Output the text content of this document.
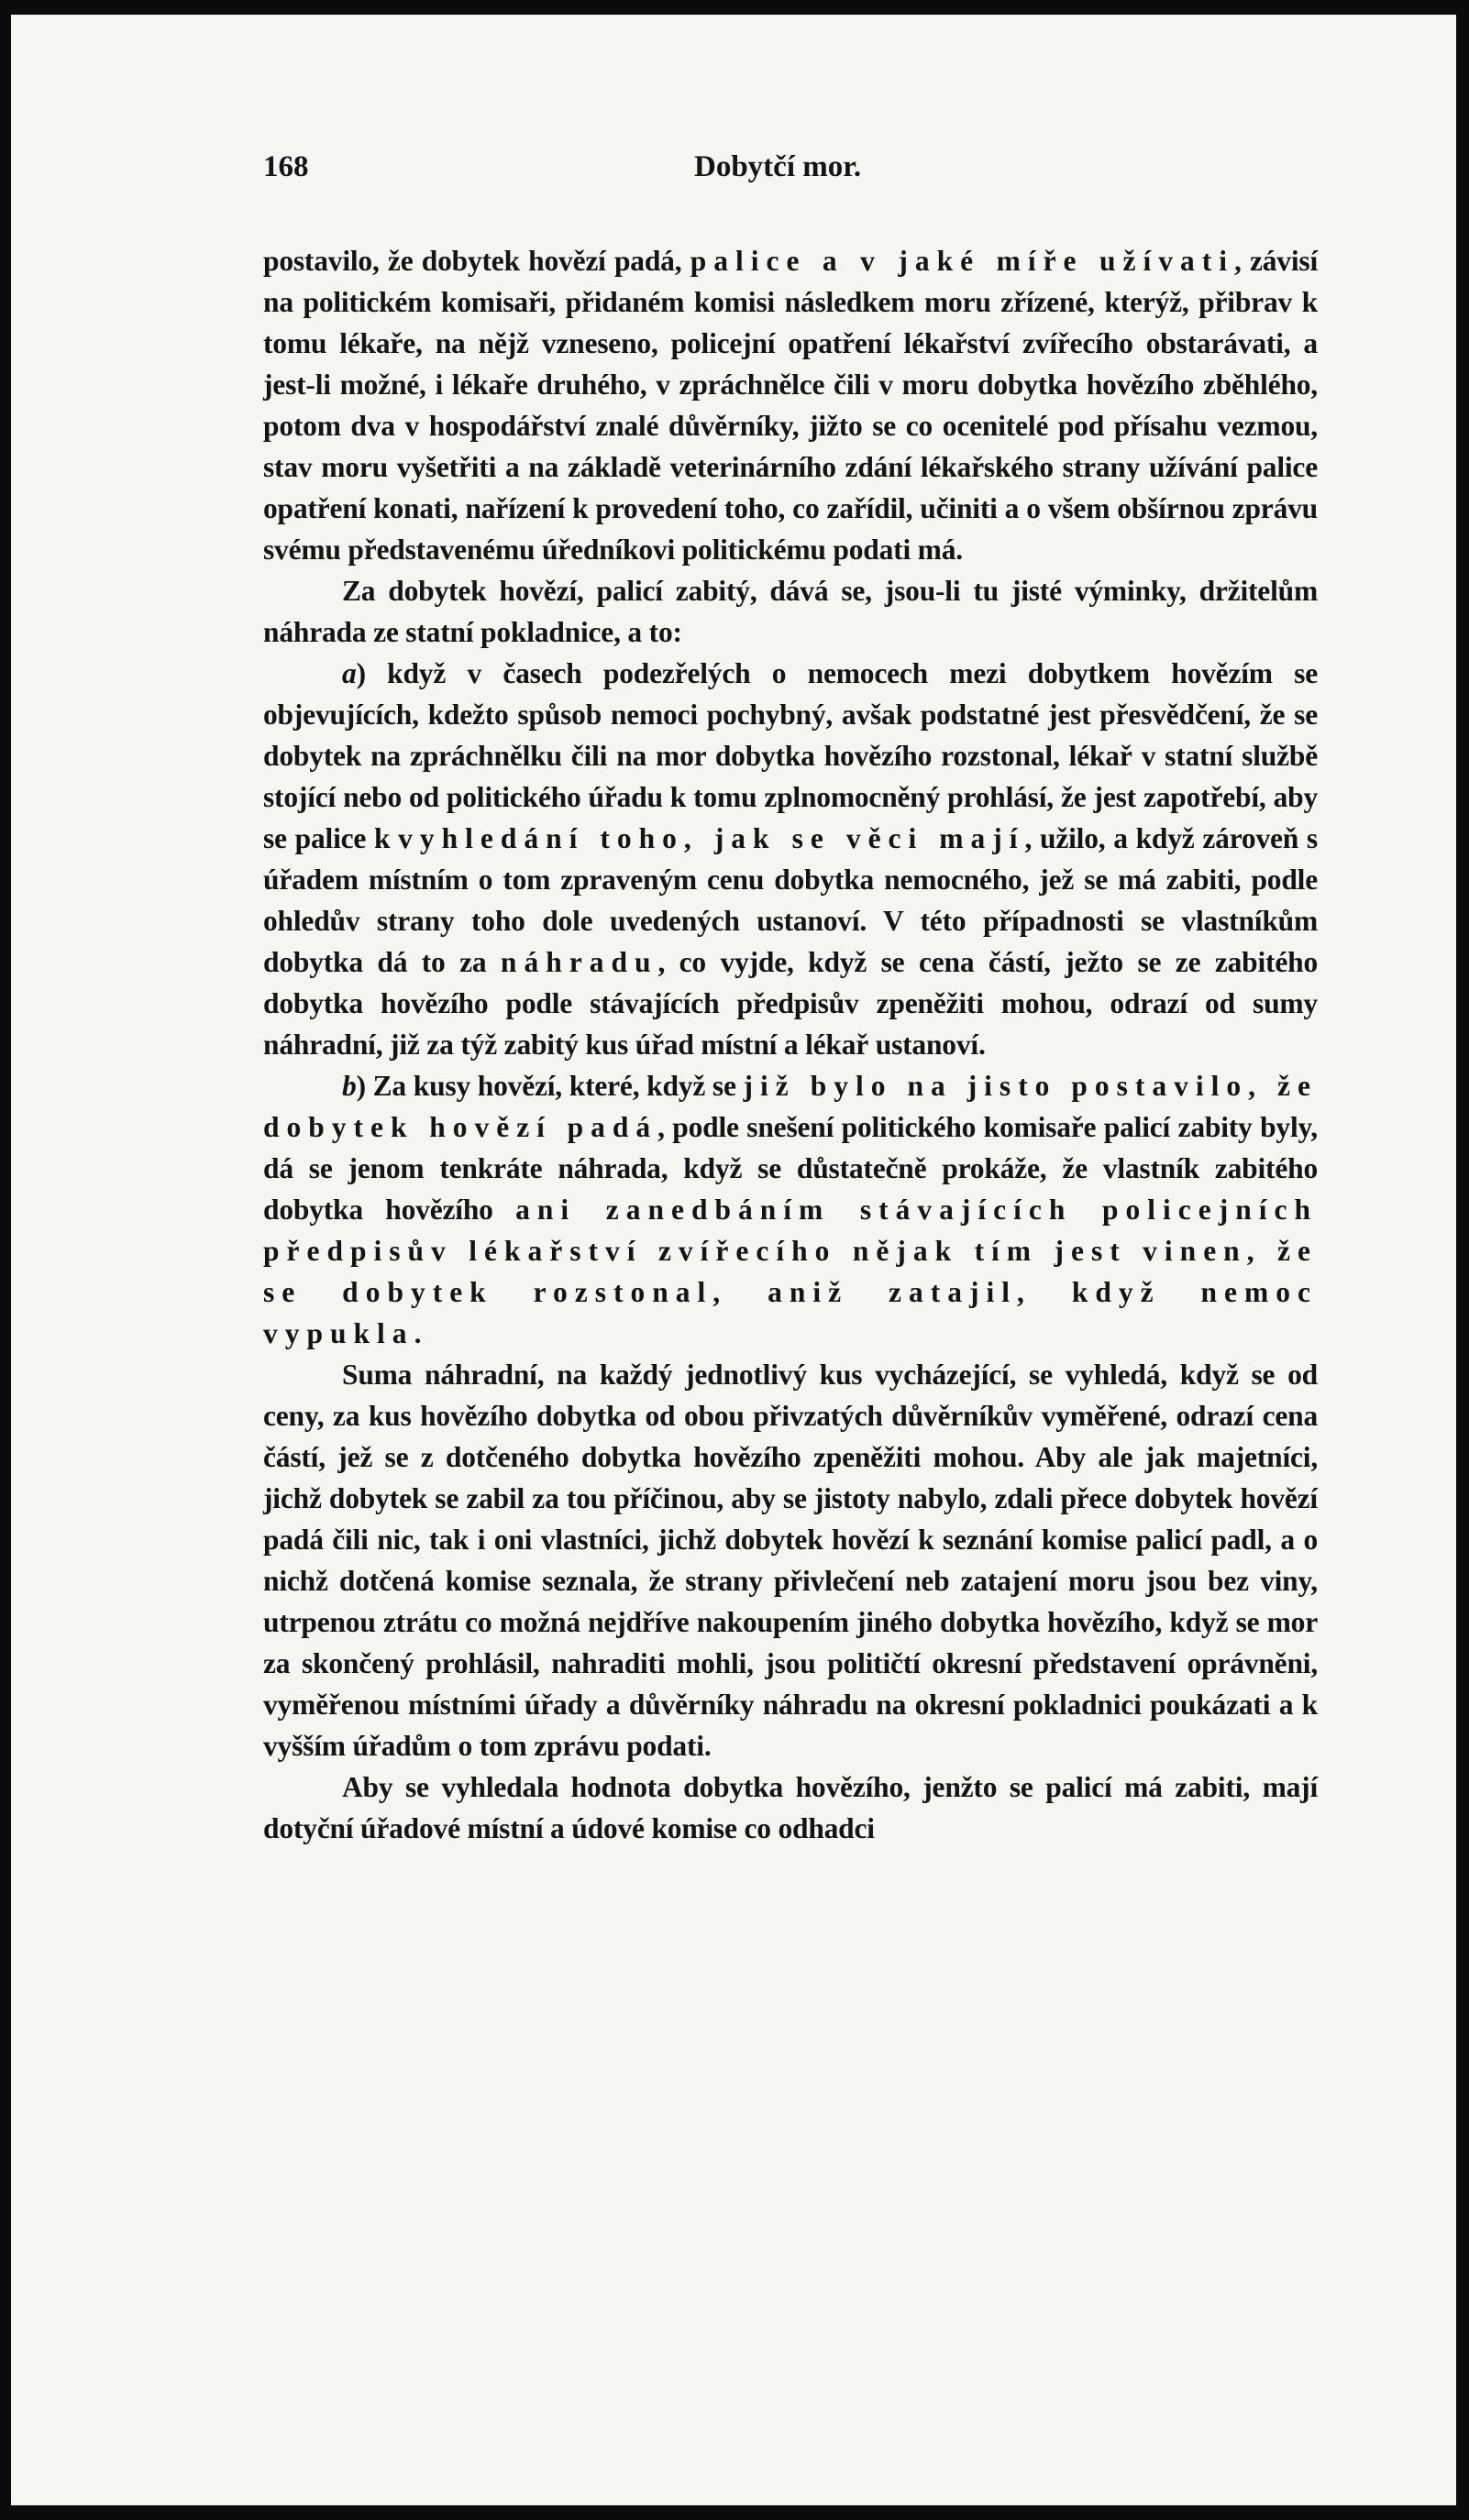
168	Dobytčí mor.

postavilo, že dobytek hovězí padá, palice a v jaké míře užívati, závisí na politickém komisaři, přidaném komisi následkem moru zřízené, kterýž, přibrav k tomu lékaře, na nějž vzneseno, policejní opatření lékařství zvířecího obstarávati, a jest-li možné, i lékaře druhého, v zpráchnělce čili v moru dobytka hovězího zběhlého, potom dva v hospodářství znalé důvěrníky, jižto se co ocenitelé pod přísahu vezmou, stav moru vyšetřiti a na základě veterinárního zdání lékařského strany užívání palice opatření konati, nařízení k provedení toho, co zařídil, učiniti a o všem obšírnou zprávu svému představenému úředníkovi politickému podati má.

Za dobytek hovězí, palicí zabitý, dává se, jsou-li tu jisté výminky, držitelům náhrada ze statní pokladnice, a to:

a) když v časech podezřelých o nemocech mezi dobytkem hovězím se objevujících, kdežto spůsob nemoci pochybný, avšak podstatné jest přesvědčení, že se dobytek na zpráchnělku čili na mor dobytka hovězího rozstonal, lékař v statní službě stojící nebo od politického úřadu k tomu zplnomocněný prohlásí, že jest zapotřebí, aby se palice k vyhledání toho, jak se věci mají, užilo, a když zároveň s úřadem místním o tom zpraveným cenu dobytka nemocného, jež se má zabiti, podle ohledův strany toho dole uvedených ustanoví. V této případnosti se vlastníkům dobytka dá to za náhradu, co vyjde, když se cena částí, ježto se ze zabitého dobytka hovězího podle stávajících předpisův zpeněžiti mohou, odrazí od sumy náhradní, již za týž zabitý kus úřad místní a lékař ustanoví.

b) Za kusy hovězí, které, když se již bylo na jisto postavilo, že dobytek hovězí padá, podle snešení politického komisaře palicí zabity byly, dá se jenom tenkráte náhrada, když se důstatečně prokáže, že vlastník zabitého dobytka hovězího ani zanedbáním stávajících policejních předpisův lékařství zvířecího nějak tím jest vinen, že se dobytek rozstonal, aniž zatajil, když nemoc vypukla.

Suma náhradní, na každý jednotlivý kus vycházející, se vyhledá, když se od ceny, za kus hovězího dobytka od obou přivzatých důvěrníkův vyměřené, odrazí cena částí, jež se z dotčeného dobytka hovězího zpeněžiti mohou. Aby ale jak majetníci, jichž dobytek se zabil za tou příčinou, aby se jistoty nabylo, zdali přece dobytek hovězí padá čili nic, tak i oni vlastníci, jichž dobytek hovězí k seznání komise palicí padl, a o nichž dotčená komise seznala, že strany přivlečení neb zatajení moru jsou bez viny, utrpenou ztrátu co možná nejdříve nakoupením jiného dobytka hovězího, když se mor za skončený prohlásil, nahraditi mohli, jsou političtí okresní představení oprávněni, vyměřenou místními úřady a důvěrníky náhradu na okresní pokladnici poukázati a k vyšším úřadům o tom zprávu podati.

Aby se vyhledala hodnota dobytka hovězího, jenžto se palicí má zabiti, mají dotyční úřadové místní a údové komise co odhadci
